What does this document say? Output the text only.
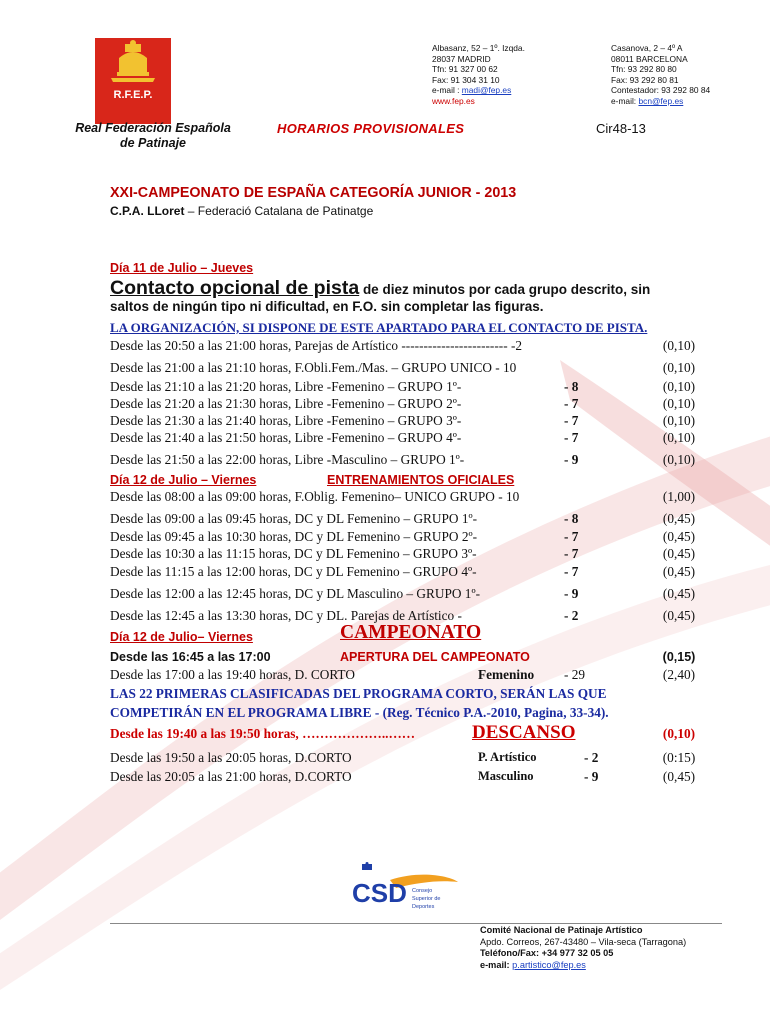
R.F.E.P.
Albasanz, 52 – 1º. Izqda.
28037 MADRID
Tfn: 91 327 00 62
Fax: 91 304 31 10
e-mail : madi@fep.es
www.fep.es
Casanova, 2 – 4º A
08011 BARCELONA
Tfn: 93 292 80 80
Fax: 93 292 80 81
Contestador: 93 292 80 84
e-mail: bcn@fep.es
Real Federación Española
de Patinaje
HORARIOS PROVISIONALES	Cir48-13
XXI-CAMPEONATO DE ESPAÑA CATEGORÍA JUNIOR - 2013
C.P.A. LLoret – Federació Catalana de Patinatge
Día 11 de Julio – Jueves
Contacto opcional de pista de diez minutos por cada grupo descrito, sin
saltos de ningún tipo ni dificultad, en F.O. sin completar las figuras.
LA ORGANIZACIÓN, SI DISPONE DE ESTE APARTADO PARA EL CONTACTO DE PISTA.
Desde las 20:50 a las 21:00 horas, Parejas de Artístico ------------------------ -2	(0,10)
Desde las 21:00 a las 21:10 horas, F.Obli.Fem./Mas. – GRUPO UNICO - 10	(0,10)
Desde las 21:10 a las 21:20 horas, Libre -Femenino – GRUPO 1º-	- 8	(0,10)
Desde las 21:20 a las 21:30 horas, Libre -Femenino – GRUPO 2º-	- 7	(0,10)
Desde las 21:30 a las 21:40 horas, Libre -Femenino – GRUPO 3º-	- 7	(0,10)
Desde las 21:40 a las 21:50 horas, Libre -Femenino – GRUPO 4º-	- 7	(0,10)
Desde las 21:50 a las 22:00 horas, Libre -Masculino – GRUPO 1º-	- 9	(0,10)
Día 12 de Julio – Viernes	ENTRENAMIENTOS OFICIALES
Desde las 08:00 a las 09:00 horas, F.Oblig. Femenino– UNICO GRUPO - 10	(1,00)
Desde las 09:00 a las 09:45 horas, DC y DL Femenino – GRUPO 1º-	- 8	(0,45)
Desde las 09:45 a las 10:30 horas, DC y DL Femenino – GRUPO 2º-	- 7	(0,45)
Desde las 10:30 a las 11:15 horas, DC y DL Femenino – GRUPO 3º-	- 7	(0,45)
Desde las 11:15 a las 12:00 horas, DC y DL Femenino – GRUPO 4º-	- 7	(0,45)
Desde las 12:00 a las 12:45 horas, DC y DL Masculino – GRUPO 1º-	- 9	(0,45)
Desde las 12:45 a las 13:30 horas, DC y DL. Parejas de Artístico -	- 2	(0,45)
Día 12 de Julio– Viernes	CAMPEONATO
Desde las 16:45 a las 17:00	APERTURA DEL CAMPEONATO	(0,15)
Desde las 17:00 a las 19:40 horas, D. CORTO	Femenino - 29	(2,40)
LAS 22 PRIMERAS CLASIFICADAS DEL PROGRAMA CORTO, SERÁN LAS QUE
COMPETIRÁN EN EL PROGRAMA LIBRE - (Reg. Técnico P.A.-2010, Pagina, 33-34).
Desde las 19:40 a las 19:50 horas, ………………..……	DESCANSO	(0,10)
Desde las 19:50 a las 20:05 horas, D.CORTO	P. Artístico	- 2	(0:15)
Desde las 20:05 a las 21:00 horas, D.CORTO	Masculino	- 9	(0,45)
CSD Consejo
Superior de
Deportes
Comité Nacional de Patinaje Artístico
Apdo. Correos, 267-43480 – Vila-seca (Tarragona)
Teléfono/Fax: +34 977 32 05 05
e-mail: p.artistico@fep.es
